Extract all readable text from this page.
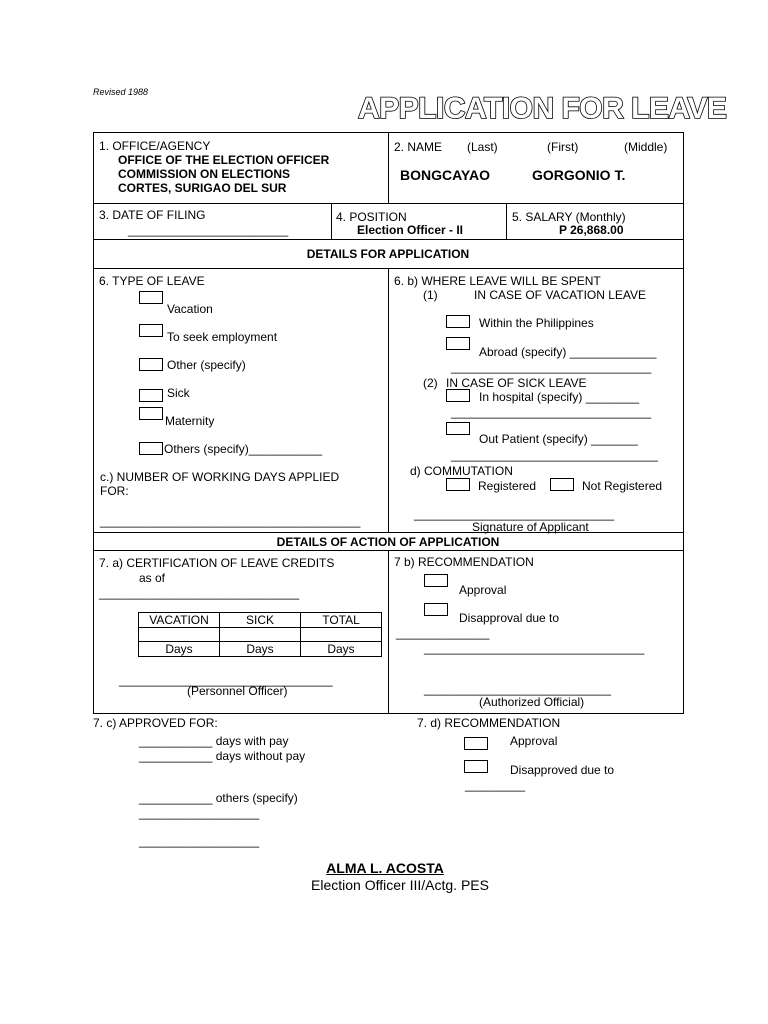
Revised 1988	APPLICATION FOR LEAVE
1. OFFICE/AGENCY
OFFICE OF THE ELECTION OFFICER
COMMISSION ON ELECTIONS
CORTES, SURIGAO DEL SUR
2. NAME (Last)	(First)	(Middle)
BONGCAYAO	GORGONIO T.
3. DATE OF FILING
________________________
4. POSITION
Election Officer - II
5. SALARY (Monthly)
P 26,868.00
DETAILS FOR APPLICATION
6. TYPE OF LEAVE
Vacation
To seek employment
Other (specify)
Sick
Maternity
Others (specify)___________
c.) NUMBER OF WORKING DAYS APPLIED
FOR:
_______________________________________
6. b) WHERE LEAVE WILL BE SPENT
(1)	IN CASE OF VACATION LEAVE
Within the Philippines
Abroad (specify) _____________
______________________________
(2) IN CASE OF SICK LEAVE
In hospital (specify) ________
______________________________
Out Patient (specify) _______
_______________________________
d) COMMUTATION
Registered	Not Registered
______________________________
Signature of Applicant
DETAILS OF ACTION OF APPLICATION
7. a) CERTIFICATION OF LEAVE CREDITS
as of
______________________________
VACATION	SICK	TOTAL

Days	Days	Days
________________________________
(Personnel Officer)
7 b) RECOMMENDATION
Approval
Disapproval due to
______________
_________________________________
____________________________
(Authorized Official)
7. c) APPROVED FOR:
___________ days with pay
___________ days without pay
___________ others (specify)
__________________
__________________
7. d) RECOMMENDATION
Approval
Disapproved due to
_________
ALMA L. ACOSTA
Election Officer III/Actg. PES
